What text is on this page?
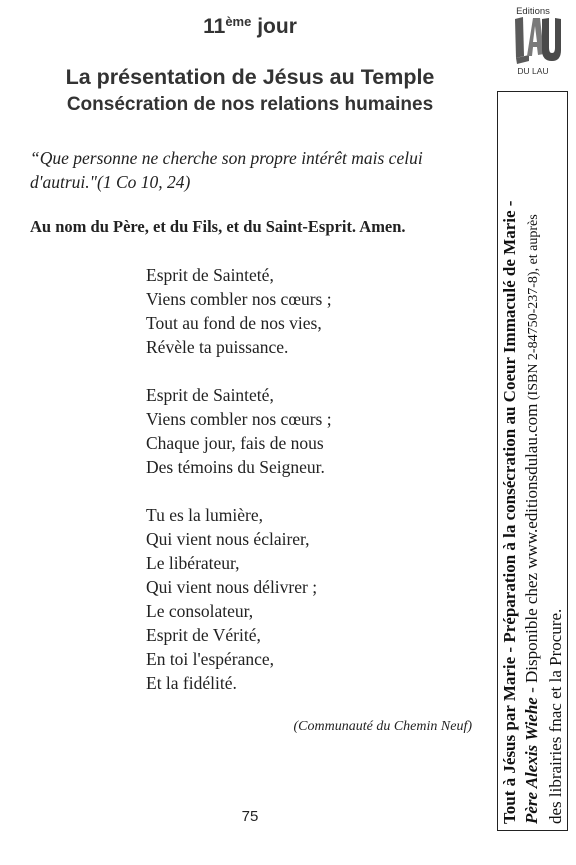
11ème jour
La présentation de Jésus au Temple
Consécration de nos relations humaines
“Que personne ne cherche son propre intérêt mais celui
d'autrui."(1 Co 10, 24)
Au nom du Père, et du Fils, et du Saint-Esprit. Amen.
Esprit de Sainteté,
Viens combler nos cœurs ;
Tout au fond de nos vies,
Révèle ta puissance.
Esprit de Sainteté,
Viens combler nos cœurs ;
Chaque jour, fais de nous
Des témoins du Seigneur.
Tu es la lumière,
Qui vient nous éclairer,
Le libérateur,
Qui vient nous délivrer ;
Le consolateur,
Esprit de Vérité,
En toi l'espérance,
Et la fidélité.
(Communauté du Chemin Neuf)
75
Editions
DU LAU
Tout à Jésus par Marie - Préparation à la consécration au Coeur Immaculé de Marie - Père Alexis Wiehe - Disponible chez www.editionsdulau.com (ISBN 2-84750-237-8), et auprès
des librairies fnac et la Procure.
